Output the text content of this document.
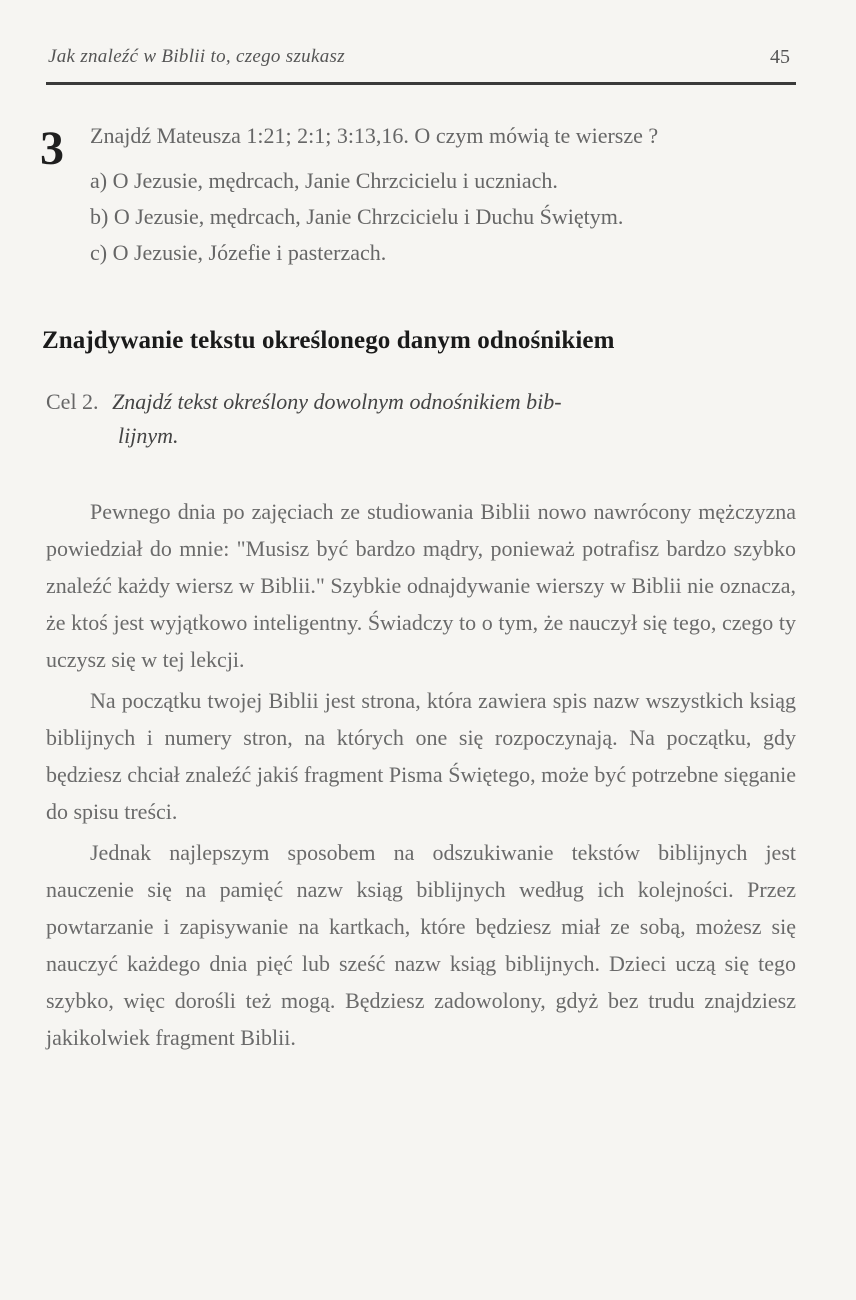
Jak znaleźć w Biblii to, czego szukasz	45
3 Znajdź Mateusza 1:21; 2:1; 3:13,16. O czym mówią te wiersze ?

a) O Jezusie, mędrcach, Janie Chrzcicielu i uczniach.

b) O Jezusie, mędrcach, Janie Chrzcicielu i Duchu Świętym.

c) O Jezusie, Józefie i pasterzach.

Znajdywanie tekstu określonego danym odnośnikiem
Cel 2. Znajdź tekst określony dowolnym odnośnikiem bib-
lijnym.

Pewnego dnia po zajęciach ze studiowania Biblii nowo nawrócony mężczyzna powiedział do mnie: "Musisz być bardzo mądry, ponieważ potrafisz bardzo szybko znaleźć każdy wiersz w Biblii." Szybkie odnajdywanie wierszy w Biblii nie oznacza, że ktoś jest wyjątkowo inteligentny. Świadczy to o tym, że nauczył się tego, czego ty uczysz się w tej lekcji.

Na początku twojej Biblii jest strona, która zawiera spis nazw wszystkich ksiąg biblijnych i numery stron, na których one się rozpoczynają. Na początku, gdy będziesz chciał znaleźć jakiś fragment Pisma Świętego, może być potrzebne sięganie do spisu treści.

Jednak najlepszym sposobem na odszukiwanie tekstów biblijnych jest nauczenie się na pamięć nazw ksiąg biblijnych według ich kolejności. Przez powtarzanie i zapisywanie na kartkach, które będziesz miał ze sobą, możesz się nauczyć każdego dnia pięć lub sześć nazw ksiąg biblijnych. Dzieci uczą się tego szybko, więc dorośli też mogą. Będziesz zadowolony, gdyż bez trudu znajdziesz jakikolwiek fragment Biblii.
